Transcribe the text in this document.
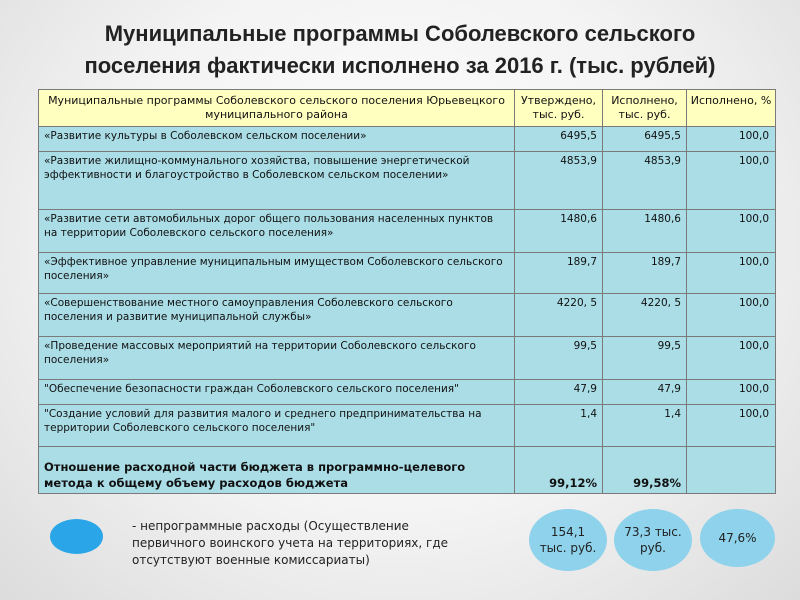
Муниципальные программы Соболевского сельского
поселения фактически исполнено за 2016 г. (тыс. рублей)
Муниципальные программы Соболевского сельского поселения Юрьевецкого муниципального района	Утверждено, тыс. руб.	Исполнено, тыс. руб.	Исполнено, %
«Развитие культуры в Соболевском сельском поселении»	6495,5	6495,5	100,0
«Развитие жилищно-коммунального хозяйства, повышение энергетической эффективности и благоустройство в Соболевском сельском поселении»	4853,9	4853,9	100,0
«Развитие сети автомобильных дорог общего пользования населенных пунктов на территории Соболевского сельского поселения»	1480,6	1480,6	100,0
«Эффективное управление муниципальным имуществом Соболевского сельского поселения»	189,7	189,7	100,0
«Совершенствование местного самоуправления Соболевского сельского поселения и развитие муниципальной службы»	4220, 5	4220, 5	100,0
«Проведение массовых мероприятий на территории Соболевского сельского поселения»	99,5	99,5	100,0
"Обеспечение безопасности граждан Соболевского сельского поселения"	47,9	47,9	100,0
"Создание условий для развития малого и среднего предпринимательства на территории Соболевского сельского поселения"	1,4	1,4	100,0
Отношение расходной части бюджета в программно-целевого метода к общему объему расходов бюджета	99,12%	99,58%	
- непрограммные расходы (Осуществление первичного воинского учета на территориях, где отсутствуют военные комиссариаты)
154,1
тыс. руб.
73,3 тыс.
руб.
47,6%
